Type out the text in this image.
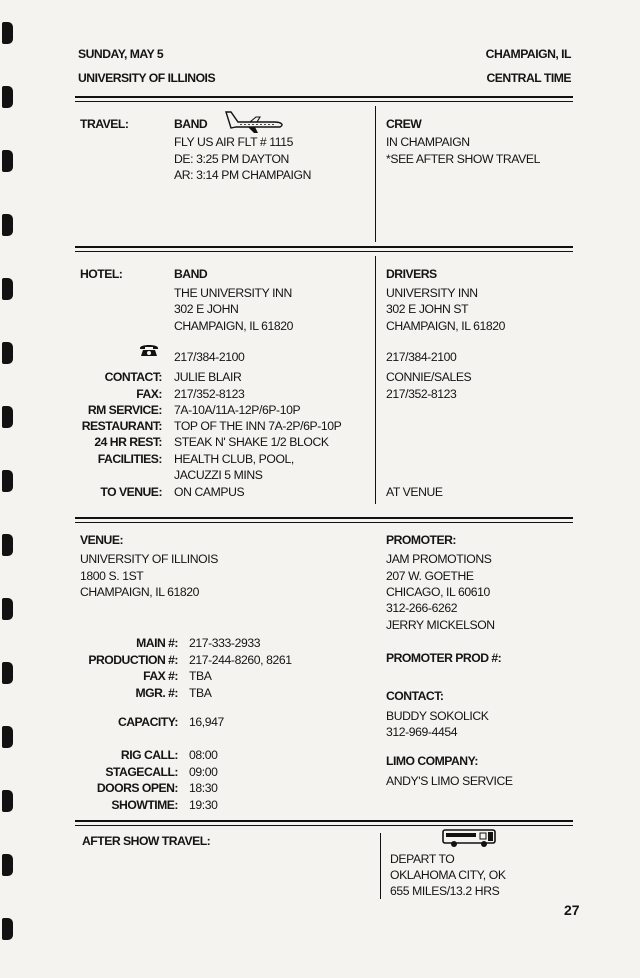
SUNDAY, MAY 5	CHAMPAIGN, IL
UNIVERSITY OF ILLINOIS	CENTRAL TIME
TRAVEL:	BAND
FLY US AIR FLT # 1115
DE: 3:25 PM DAYTON
AR: 3:14 PM CHAMPAIGN
CREW
IN CHAMPAIGN
*SEE AFTER SHOW TRAVEL
HOTEL:	BAND
THE UNIVERSITY INN
302 E JOHN
CHAMPAIGN, IL 61820
217/384-2100
CONTACT: JULIE BLAIR
FAX: 217/352-8123
RM SERVICE: 7A-10A/11A-12P/6P-10P
RESTAURANT: TOP OF THE INN 7A-2P/6P-10P
24 HR REST: STEAK N' SHAKE 1/2 BLOCK
FACILITIES: HEALTH CLUB, POOL,
JACUZZI 5 MINS
TO VENUE: ON CAMPUS
DRIVERS
UNIVERSITY INN
302 E JOHN ST
CHAMPAIGN, IL 61820
217/384-2100
CONNIE/SALES
217/352-8123
AT VENUE
VENUE:
UNIVERSITY OF ILLINOIS
1800 S. 1ST
CHAMPAIGN, IL 61820
MAIN #: 217-333-2933
PRODUCTION #: 217-244-8260, 8261
FAX #: TBA
MGR. #: TBA
CAPACITY: 16,947
RIG CALL: 08:00
STAGECALL: 09:00
DOORS OPEN: 18:30
SHOWTIME: 19:30
PROMOTER:
JAM PROMOTIONS
207 W. GOETHE
CHICAGO, IL 60610
312-266-6262
JERRY MICKELSON
PROMOTER PROD #:
CONTACT:
BUDDY SOKOLICK
312-969-4454
LIMO COMPANY:
ANDY'S LIMO SERVICE
AFTER SHOW TRAVEL:
DEPART TO
OKLAHOMA CITY, OK
655 MILES/13.2 HRS
27
